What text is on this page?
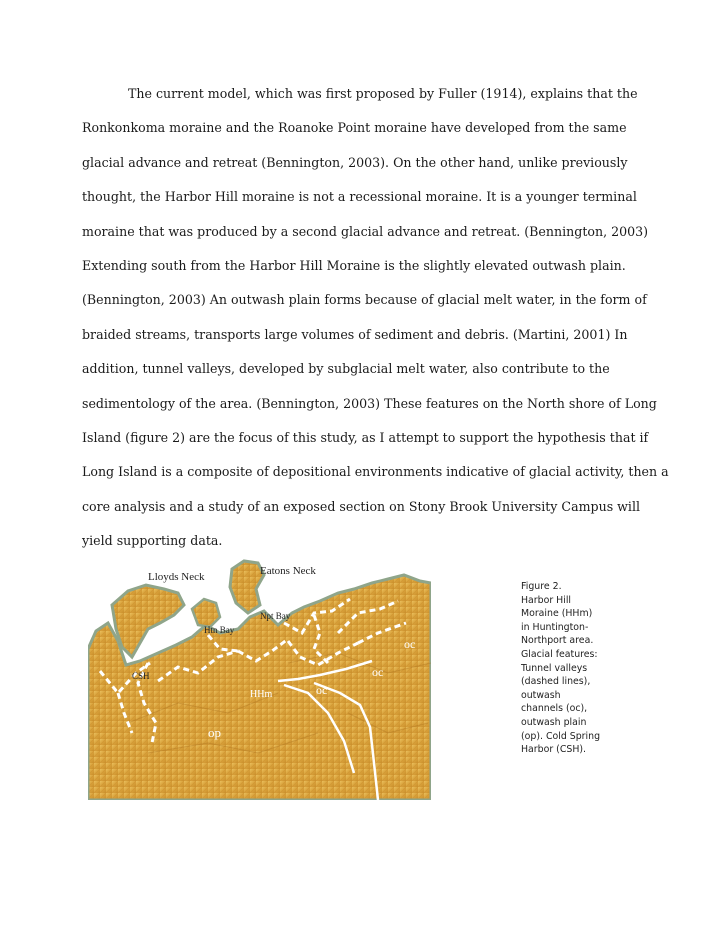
The current model, which was first proposed by Fuller (1914), explains that the
Ronkonkoma moraine and the Roanoke Point moraine have developed from the same
glacial advance and retreat (Bennington, 2003). On the other hand, unlike previously
thought, the Harbor Hill moraine is not a recessional moraine. It is a younger terminal
moraine that was produced by a second glacial advance and retreat. (Bennington, 2003)
Extending south from the Harbor Hill Moraine is the slightly elevated outwash plain.
(Bennington, 2003) An outwash plain forms because of glacial melt water, in the form of
braided streams, transports large volumes of sediment and debris. (Martini, 2001) In
addition, tunnel valleys, developed by subglacial melt water, also contribute to the
sedimentology of the area. (Bennington, 2003) These features on the North shore of Long
Island (figure 2) are the focus of this study, as I attempt to support the hypothesis that if
Long Island is a composite of depositional environments indicative of glacial activity, then a
core analysis and a study of an exposed section on Stony Brook University Campus will
yield supporting data.
Lloyds Neck	Eatons Neck
Npt Bay
Htn Bay
CSH
HHm	oc
oc
oc
op
Figure 2.
Harbor Hill
Moraine (HHm)
in Huntington-
Northport area.
Glacial features:
Tunnel valleys
(dashed lines),
outwash
channels (oc),
outwash plain
(op). Cold Spring
Harbor (CSH).
